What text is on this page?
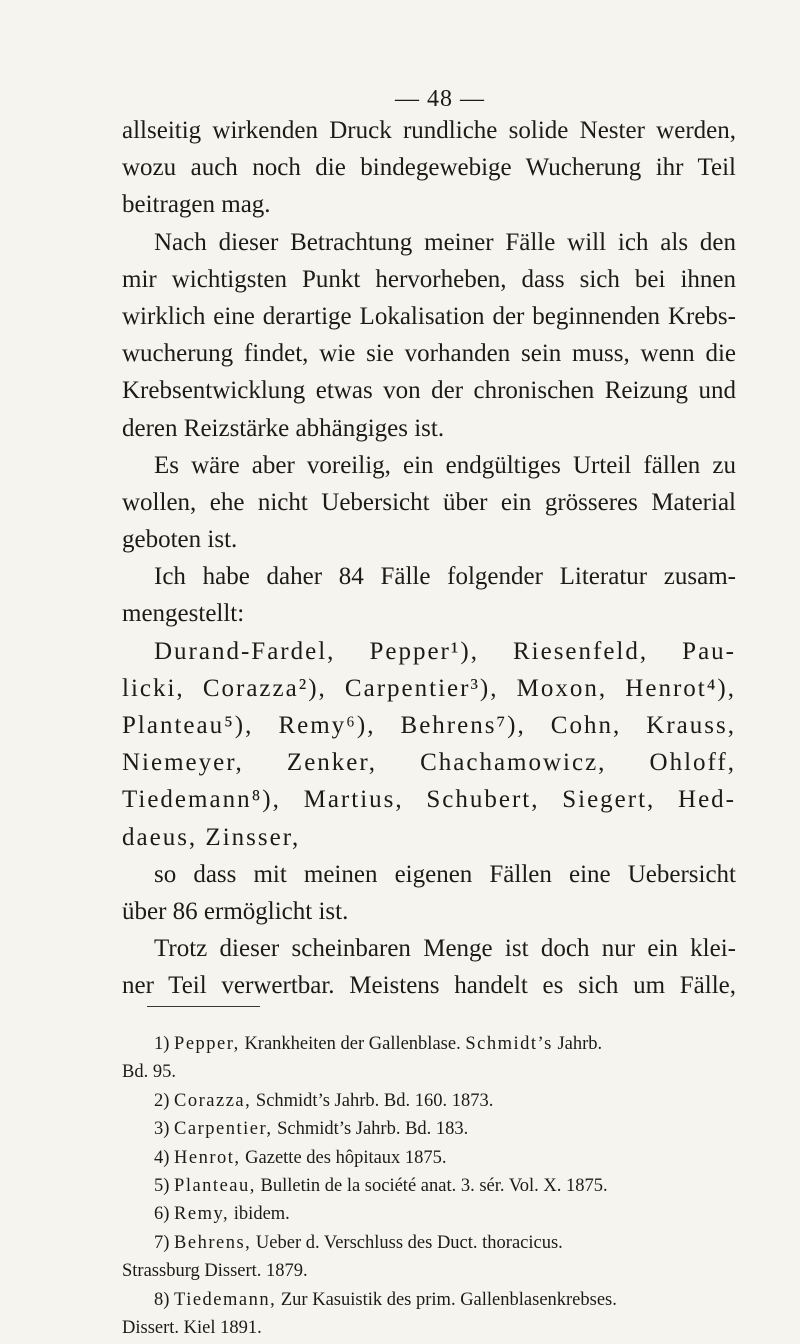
— 48 —
allseitig wirkenden Druck rundliche solide Nester werden,
wozu auch noch die bindegewebige Wucherung ihr Teil
beitragen mag.
Nach dieser Betrachtung meiner Fälle will ich als den
mir wichtigsten Punkt hervorheben, dass sich bei ihnen
wirklich eine derartige Lokalisation der beginnenden Krebs-
wucherung findet, wie sie vorhanden sein muss, wenn die
Krebsentwicklung etwas von der chronischen Reizung und
deren Reizstärke abhängiges ist.
Es wäre aber voreilig, ein endgültiges Urteil fällen zu
wollen, ehe nicht Uebersicht über ein grösseres Material
geboten ist.
Ich habe daher 84 Fälle folgender Literatur zusam-
mengestellt:
Durand-Fardel, Pepper¹), Riesenfeld, Pau-
licki, Corazza²), Carpentier³), Moxon, Henrot⁴),
Planteau⁵), Remy⁶), Behrens⁷), Cohn, Krauss,
Niemeyer, Zenker, Chachamowicz, Ohloff,
Tiedemann⁸), Martius, Schubert, Siegert, Hed-
daeus, Zinsser,
so dass mit meinen eigenen Fällen eine Uebersicht
über 86 ermöglicht ist.
Trotz dieser scheinbaren Menge ist doch nur ein klei-
ner Teil verwertbar. Meistens handelt es sich um Fälle,
1) Pepper, Krankheiten der Gallenblase. Schmidt’s Jahrb.
Bd. 95.
2) Corazza, Schmidt’s Jahrb. Bd. 160. 1873.
3) Carpentier, Schmidt’s Jahrb. Bd. 183.
4) Henrot, Gazette des hôpitaux 1875.
5) Planteau, Bulletin de la société anat. 3. sér. Vol. X. 1875.
6) Remy, ibidem.
7) Behrens, Ueber d. Verschluss des Duct. thoracicus.
Strassburg Dissert. 1879.
8) Tiedemann, Zur Kasuistik des prim. Gallenblasenkrebses.
Dissert. Kiel 1891.
